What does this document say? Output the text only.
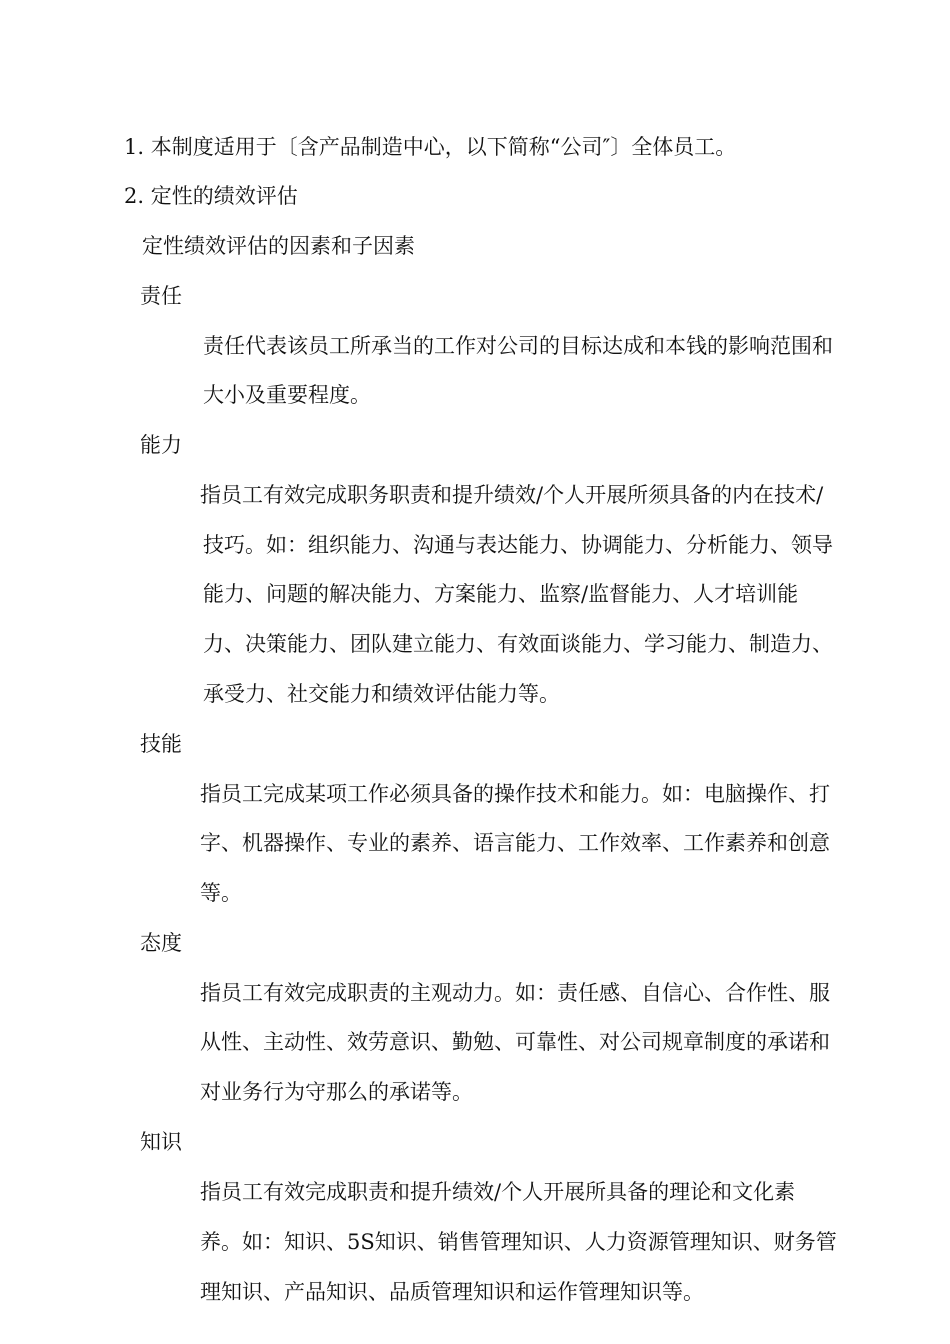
1. 本制度适用于〔含产品制造中心，以下简称“公司″〕全体员工。
2. 定性的绩效评估
定性绩效评估的因素和子因素
责任
责任代表该员工所承当的工作对公司的目标达成和本钱的影响范围和
大小及重要程度。
能力
指员工有效完成职务职责和提升绩效/个人开展所须具备的内在技术/
技巧。如：组织能力、沟通与表达能力、协调能力、分析能力、领导
能力、问题的解决能力、方案能力、监察/监督能力、人才培训能
力、决策能力、团队建立能力、有效面谈能力、学习能力、制造力、
承受力、社交能力和绩效评估能力等。
技能
指员工完成某项工作必须具备的操作技术和能力。如：电脑操作、打
字、机器操作、专业的素养、语言能力、工作效率、工作素养和创意
等。
态度
指员工有效完成职责的主观动力。如：责任感、自信心、合作性、服
从性、主动性、效劳意识、勤勉、可靠性、对公司规章制度的承诺和
对业务行为守那么的承诺等。
知识
指员工有效完成职责和提升绩效/个人开展所具备的理论和文化素
养。如：知识、5S知识、销售管理知识、人力资源管理知识、财务管
理知识、产品知识、品质管理知识和运作管理知识等。
